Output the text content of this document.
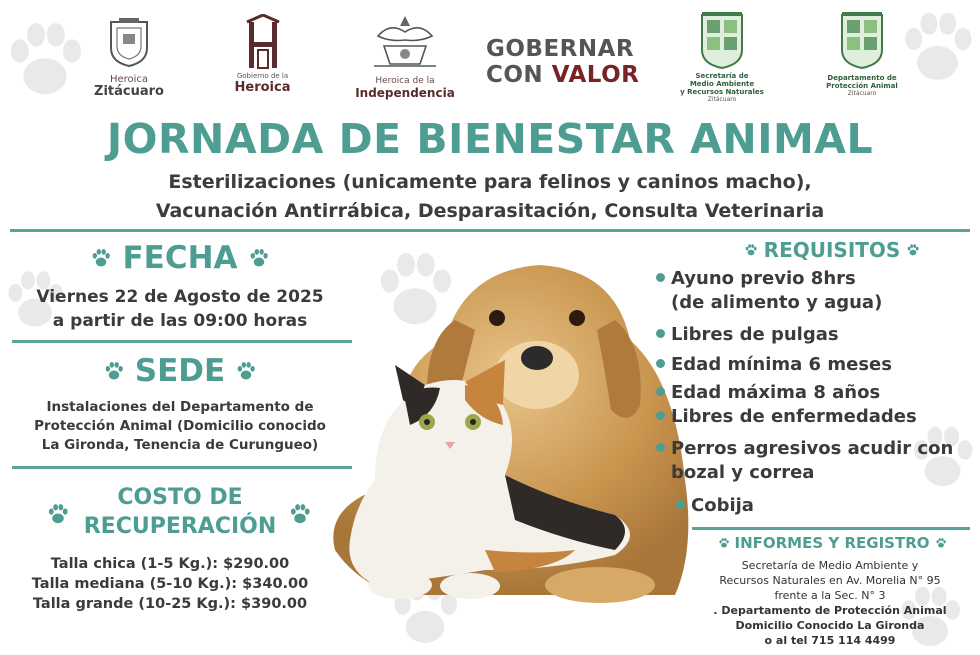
Heroica
Zitácuaro
Gobierno de la
Heroica	Heroica de la
Independencia
GOBERNAR
CON VALOR	Secretaría de
Medio Ambiente
y Recursos Naturales
Zitácuaro
Departamento de
Protección Animal
Zitácuaro
JORNADA DE BIENESTAR ANIMAL
Esterilizaciones (unicamente para felinos y caninos macho),
Vacunación Antirrábica, Desparasitación, Consulta Veterinaria
FECHA
Viernes 22 de Agosto de 2025
a partir de las 09:00 horas
SEDE
Instalaciones del Departamento de
Protección Animal (Domicilio conocido
La Gironda, Tenencia de Curungueo)
COSTO DE
RECUPERACIÓN
Talla chica (1-5 Kg.): $290.00
Talla mediana (5-10 Kg.): $340.00
Talla grande (10-25 Kg.): $390.00
REQUISITOS
Ayuno previo 8hrs
(de alimento y agua)
Libres de pulgas
Edad mínima 6 meses
Edad máxima 8 años
Libres de enfermedades
Perros agresivos acudir con
bozal y correa
Cobija
INFORMES Y REGISTRO
Secretaría de Medio Ambiente y
Recursos Naturales en Av. Morelia N° 95
frente a la Sec. N° 3
. Departamento de Protección Animal
Domicilio Conocido La Gironda
o al tel 715 114 4499
